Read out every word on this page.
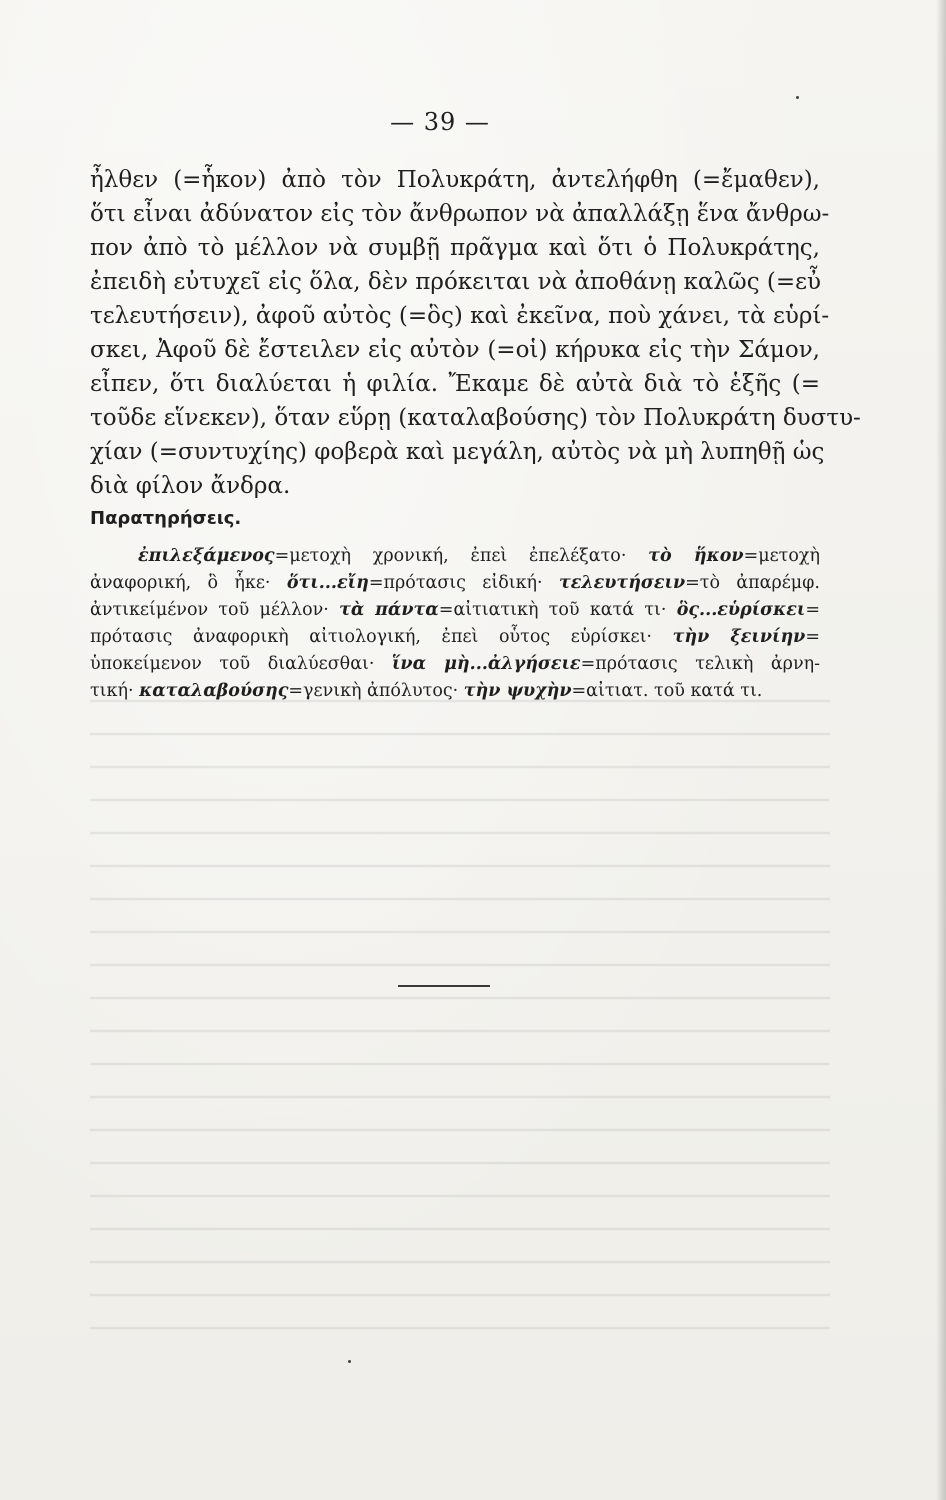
— 39 —
ἦλθεν (=ἧκον) ἀπὸ τὸν Πολυκράτη, ἀντελήφθη (=ἔμαθεν),
ὅτι εἶναι ἀδύνατον εἰς τὸν ἄνθρωπον νὰ ἀπαλλάξῃ ἕνα ἄνθρω-
πον ἀπὸ τὸ μέλλον νὰ συμβῇ πρᾶγμα καὶ ὅτι ὁ Πολυκράτης,
ἐπειδὴ εὐτυχεῖ εἰς ὅλα, δὲν πρόκειται νὰ ἀποθάνῃ καλῶς (=εὖ
τελευτήσειν), ἀφοῦ αὐτὸς (=ὃς) καὶ ἐκεῖνα, ποὺ χάνει, τὰ εὑρί-
σκει, Ἀφοῦ δὲ ἔστειλεν εἰς αὐτὸν (=οἱ) κήρυκα εἰς τὴν Σάμον,
εἶπεν, ὅτι διαλύεται ἡ φιλία. Ἔκαμε δὲ αὐτὰ διὰ τὸ ἑξῆς (=
τοῦδε εἵνεκεν), ὅταν εὕρῃ (καταλαβούσης) τὸν Πολυκράτη δυστυ-
χίαν (=συντυχίης) φοβερὰ καὶ μεγάλη, αὐτὸς νὰ μὴ λυπηθῇ ὡς
διὰ φίλον ἄνδρα.
Παρατηρήσεις.
ἐπιλεξάμενος=μετοχὴ χρονική, ἐπεὶ ἐπελέξατο· τὸ ἥκον=μετοχὴ
ἀναφορική, ὃ ἧκε· ὅτι...εἴη=πρότασις εἰδική· τελευτήσειν=τὸ ἀπαρέμφ.
ἀντικείμένον τοῦ μέλλον· τὰ πάντα=αἰτιατικὴ τοῦ κατά τι· ὃς...εὑρίσκει=
πρότασις ἀναφορικὴ αἰτιολογική, ἐπεὶ οὗτος εὑρίσκει· τὴν ξεινίην=
ὑποκείμενον τοῦ διαλύεσθαι· ἵνα μὴ...ἀλγήσειε=πρότασις τελικὴ ἀρνη-
τική· καταλαβούσης=γενικὴ ἀπόλυτος· τὴν ψυχὴν=αἰτιατ. τοῦ κατά τι.
